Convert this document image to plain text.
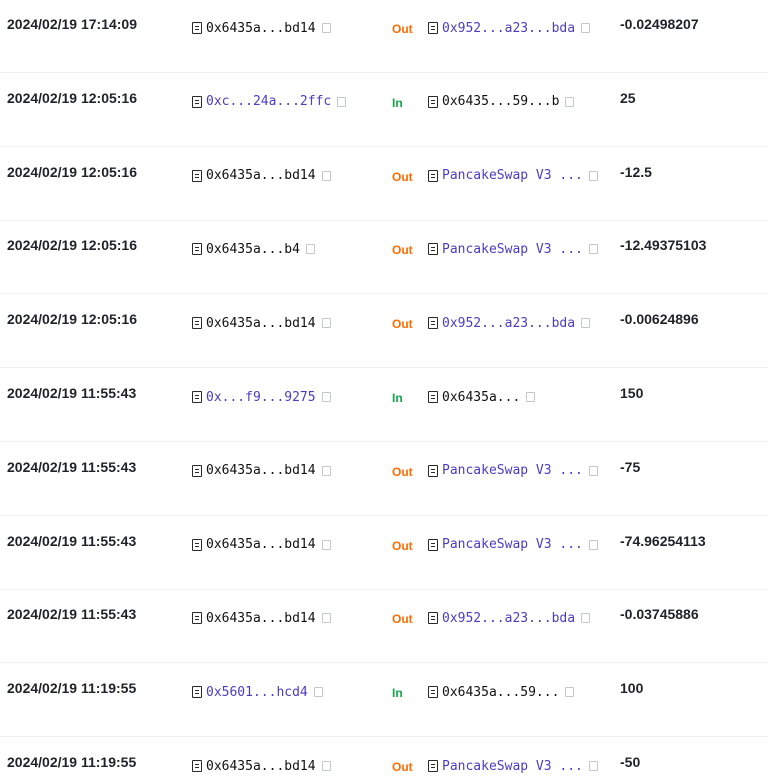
2024/02/19 17:14:09	0x6435a...bd14	Out 0x952...a23...bda	-0.02498207
2024/02/19 12:05:16	0xc...24a...2ffc	In	0x6435...59...b	25
2024/02/19 12:05:16	0x6435a...bd14	Out PancakeSwap V3 ...	-12.5
2024/02/19 12:05:16	0x6435a...b4	Out PancakeSwap V3 ...	-12.49375103
2024/02/19 12:05:16	0x6435a...bd14	Out 0x952...a23...bda	-0.00624896
2024/02/19 11:55:43	0x...f9...9275	In	0x6435a...	150
2024/02/19 11:55:43	0x6435a...bd14	Out PancakeSwap V3 ...	-75
2024/02/19 11:55:43	0x6435a...bd14	Out PancakeSwap V3 ...	-74.96254113
2024/02/19 11:55:43	0x6435a...bd14	Out 0x952...a23...bda	-0.03745886
2024/02/19 11:19:55	0x5601...hcd4	In	0x6435a...59...	100
2024/02/19 11:19:55	0x6435a...bd14	Out PancakeSwap V3 ...	-50
